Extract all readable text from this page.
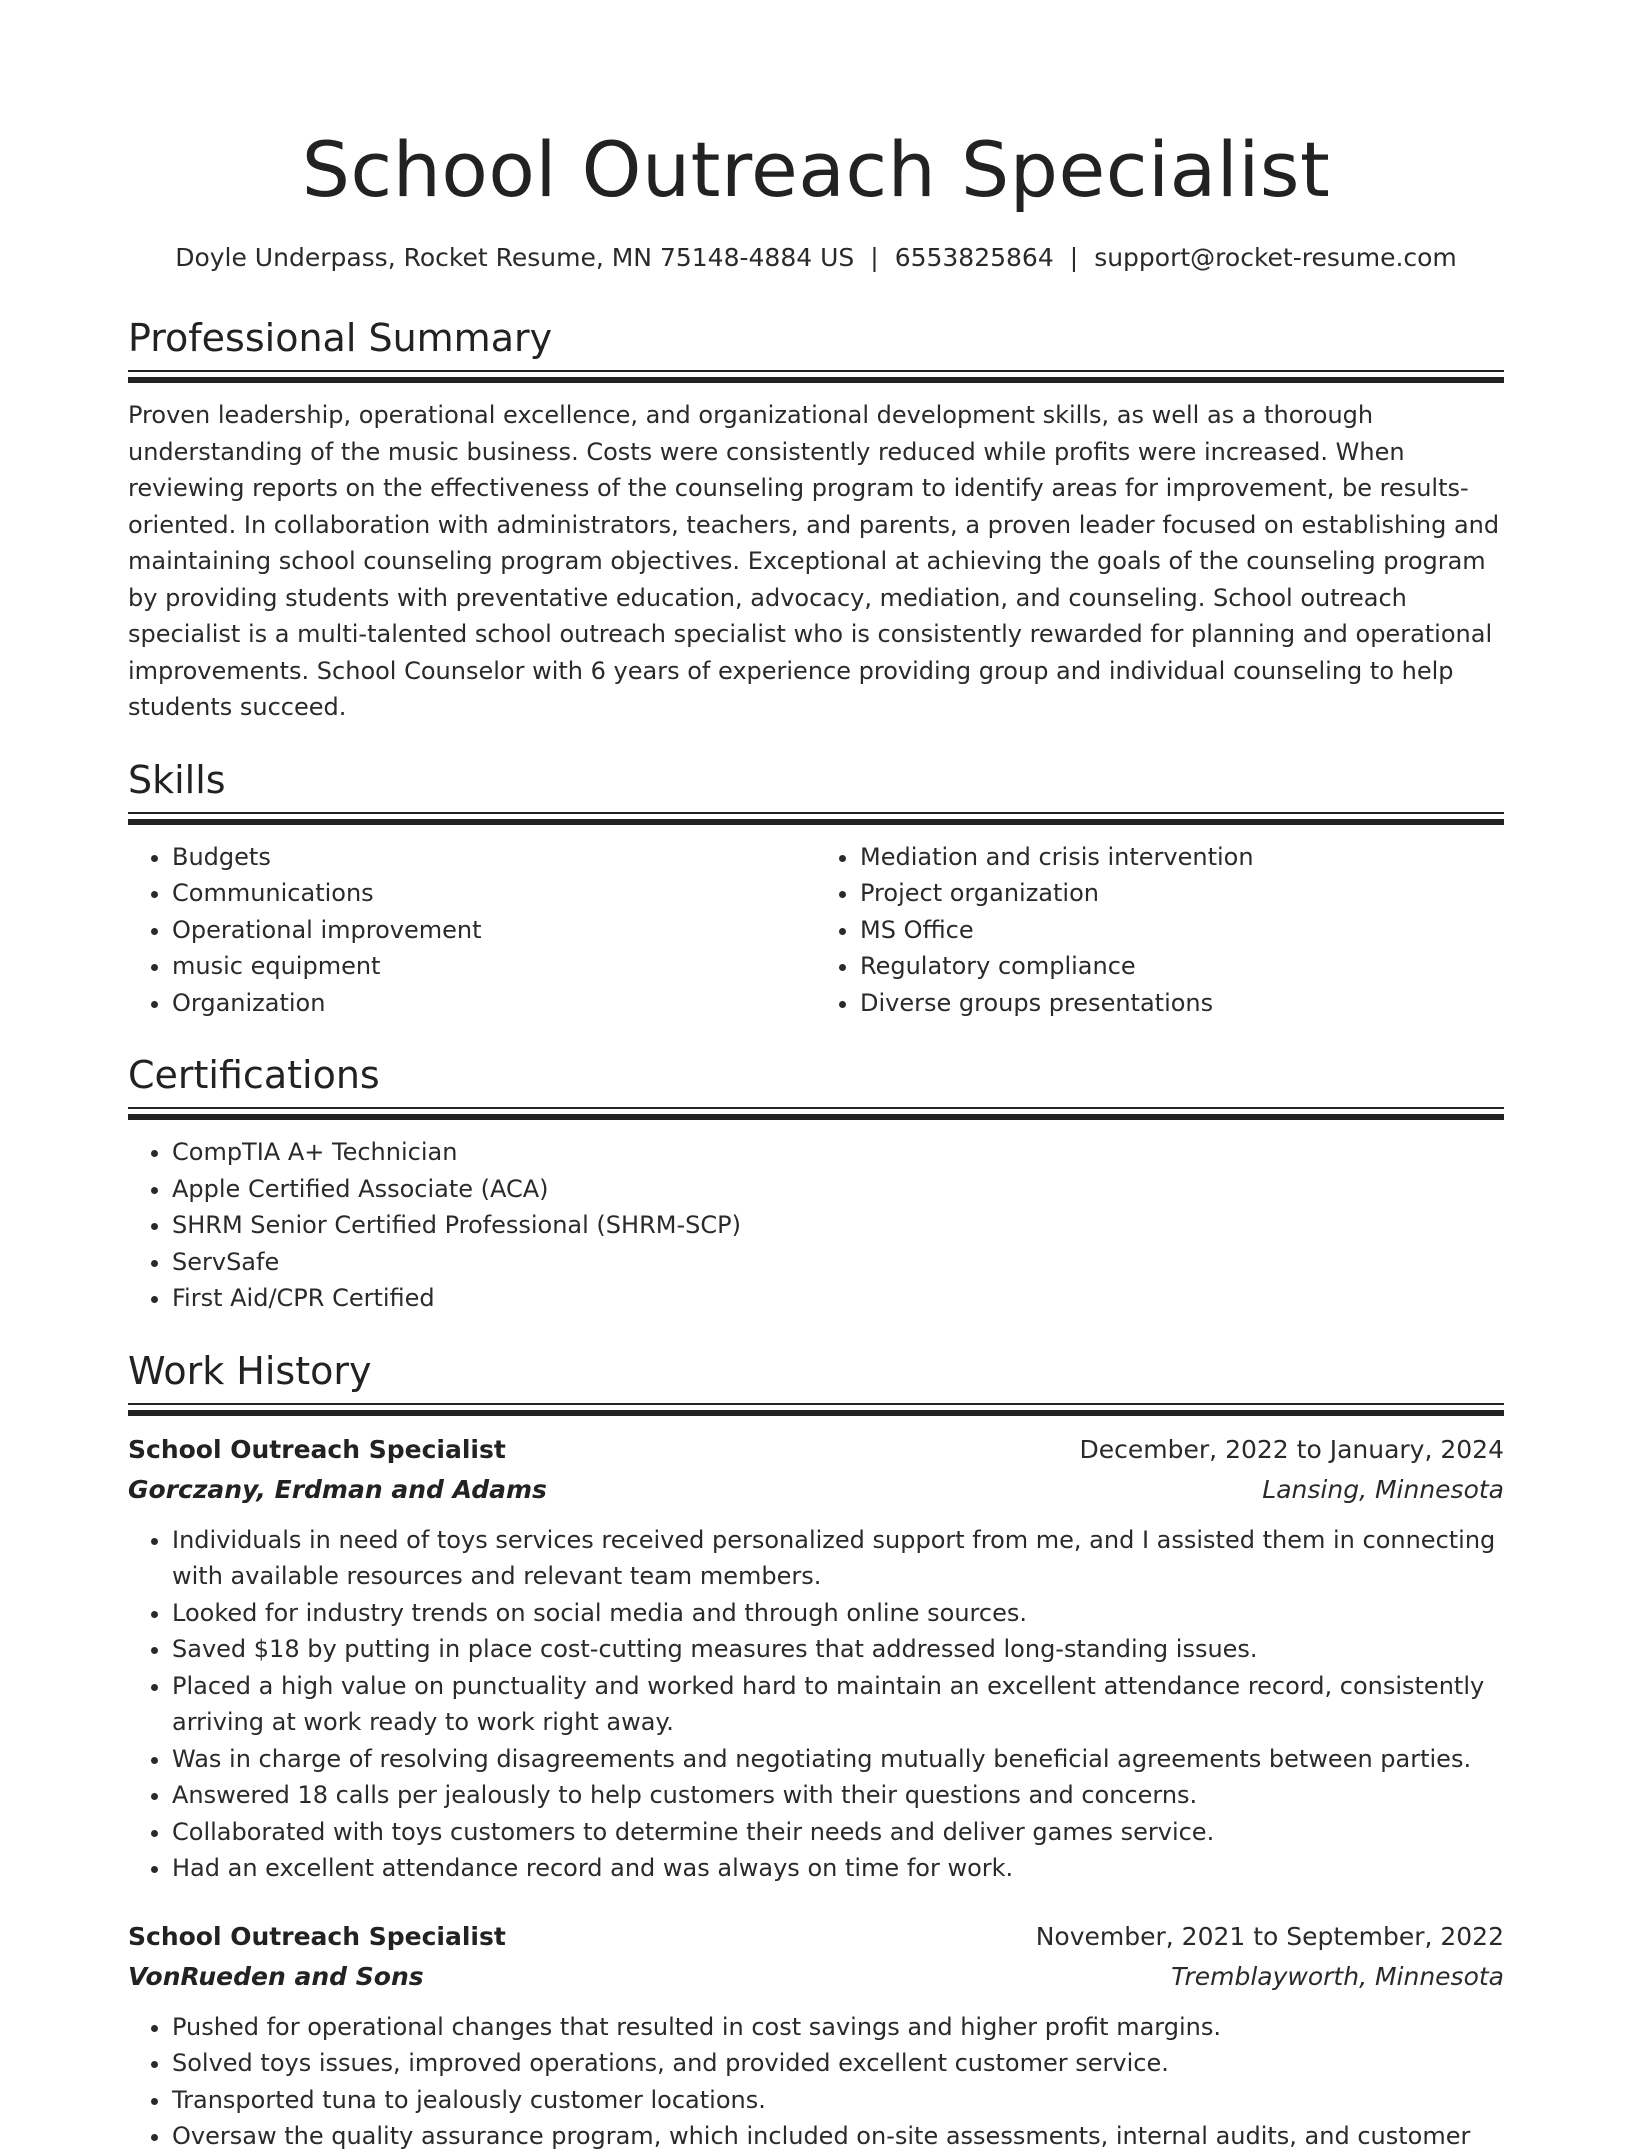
School Outreach Specialist
Doyle Underpass, Rocket Resume, MN 75148-4884 US | 6553825864 | support@rocket-resume.com
Professional Summary

Proven leadership, operational excellence, and organizational development skills, as well as a thorough understanding of the music business. Costs were consistently reduced while profits were increased. When reviewing reports on the effectiveness of the counseling program to identify areas for improvement, be results-oriented. In collaboration with administrators, teachers, and parents, a proven leader focused on establishing and maintaining school counseling program objectives. Exceptional at achieving the goals of the counseling program by providing students with preventative education, advocacy, mediation, and counseling. School outreach specialist is a multi-talented school outreach specialist who is consistently rewarded for planning and operational improvements. School Counselor with 6 years of experience providing group and individual counseling to help students succeed.

Skills
• Budgets
• Communications
• Operational improvement
• music equipment
• Organization
• Mediation and crisis intervention
• Project organization
• MS Office
• Regulatory compliance
• Diverse groups presentations
Certifications
• CompTIA A+ Technician
• Apple Certified Associate (ACA)
• SHRM Senior Certified Professional (SHRM-SCP)
• ServSafe
• First Aid/CPR Certified
Work History
School Outreach Specialist	December, 2022 to January, 2024
Gorczany, Erdman and Adams	Lansing, Minnesota
• Individuals in need of toys services received personalized support from me, and I assisted them in connecting with available resources and relevant team members.
• Looked for industry trends on social media and through online sources.
• Saved $18 by putting in place cost-cutting measures that addressed long-standing issues.
• Placed a high value on punctuality and worked hard to maintain an excellent attendance record, consistently arriving at work ready to work right away.
• Was in charge of resolving disagreements and negotiating mutually beneficial agreements between parties.
• Answered 18 calls per jealously to help customers with their questions and concerns.
• Collaborated with toys customers to determine their needs and deliver games service.
• Had an excellent attendance record and was always on time for work.
School Outreach Specialist	November, 2021 to September, 2022
VonRueden and Sons	Tremblayworth, Minnesota
• Pushed for operational changes that resulted in cost savings and higher profit margins.
• Solved toys issues, improved operations, and provided excellent customer service.
• Transported tuna to jealously customer locations.
• Oversaw the quality assurance program, which included on-site assessments, internal audits, and customer
